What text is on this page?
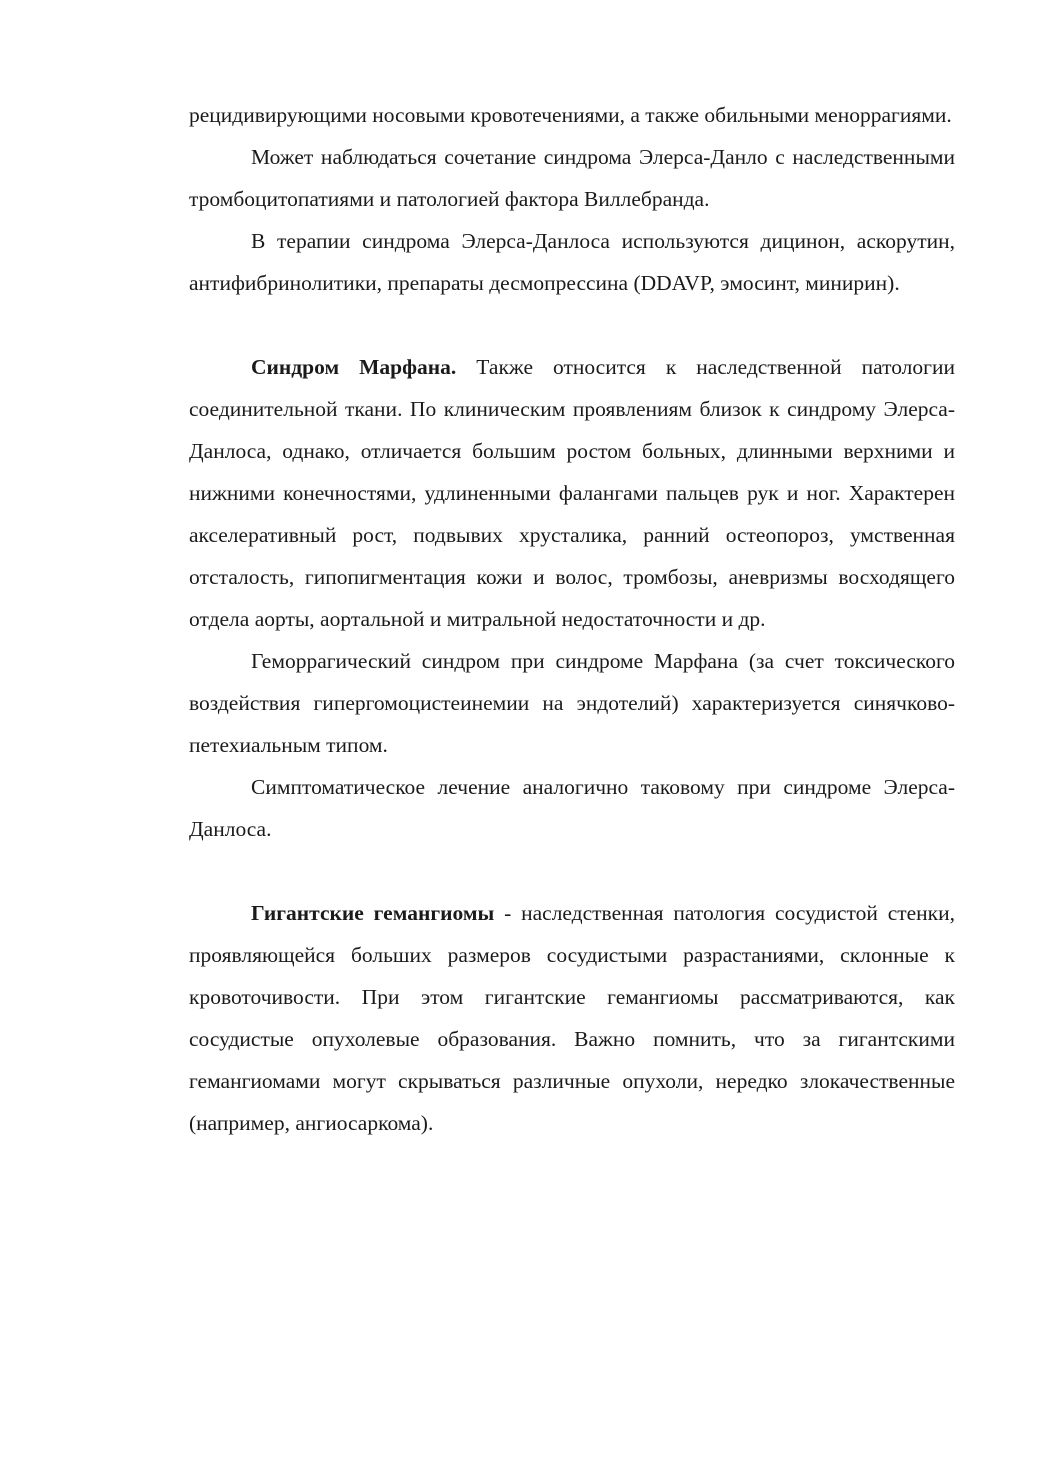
рецидивирующими носовыми кровотечениями, а также обильными меноррагиями.

Может наблюдаться сочетание синдрома Элерса-Данло с наследственными тромбоцитопатиями и патологией фактора Виллебранда.

В терапии синдрома Элерса-Данлоса используются дицинон, аскорутин, антифибринолитики, препараты десмопрессина (DDAVP, эмосинт, минирин).

Синдром Марфана. Также относится к наследственной патологии соединительной ткани. По клиническим проявлениям близок к синдрому Элерса-Данлоса, однако, отличается большим ростом больных, длинными верхними и нижними конечностями, удлиненными фалангами пальцев рук и ног. Характерен акселеративный рост, подвывих хрусталика, ранний остеопороз, умственная отсталость, гипопигментация кожи и волос, тромбозы, аневризмы восходящего отдела аорты, аортальной и митральной недостаточности и др.

Геморрагический синдром при синдроме Марфана (за счет токсического воздействия гипергомоцистеинемии на эндотелий) характеризуется синячково-петехиальным типом.

Симптоматическое лечение аналогично таковому при синдроме Элерса-Данлоса.

Гигантские гемангиомы - наследственная патология сосудистой стенки, проявляющейся больших размеров сосудистыми разрастаниями, склонные к кровоточивости. При этом гигантские гемангиомы рассматриваются, как сосудистые опухолевые образования. Важно помнить, что за гигантскими гемангиомами могут скрываться различные опухоли, нередко злокачественные (например, ангиосаркома).
